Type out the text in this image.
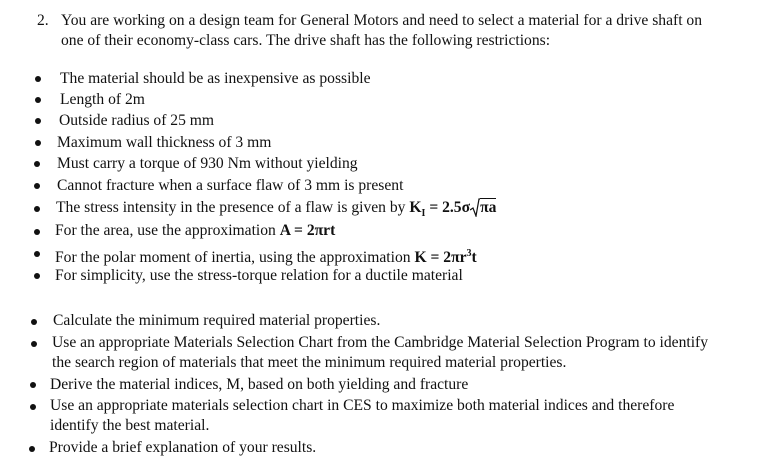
2. You are working on a design team for General Motors and need to select a material for a drive shaft on
one of their economy-class cars. The drive shaft has the following restrictions:
The material should be as inexpensive as possible
Length of 2m
Outside radius of 25 mm
Maximum wall thickness of 3 mm
Must carry a torque of 930 Nm without yielding
Cannot fracture when a surface flaw of 3 mm is present
The stress intensity in the presence of a flaw is given by $K_I = 2.5\sigma$ πa
For the area, use the approximation A = 2πrt
For the polar moment of inertia, using the approximation $K = 2\pi r^3t$
For simplicity, use the stress-torque relation for a ductile material
Calculate the minimum required material properties.
Use an appropriate Materials Selection Chart from the Cambridge Material Selection Program to identify
the search region of materials that meet the minimum required material properties.
Derive the material indices, M, based on both yielding and fracture
Use an appropriate materials selection chart in CES to maximize both material indices and therefore
identify the best material.
Provide a brief explanation of your results.
